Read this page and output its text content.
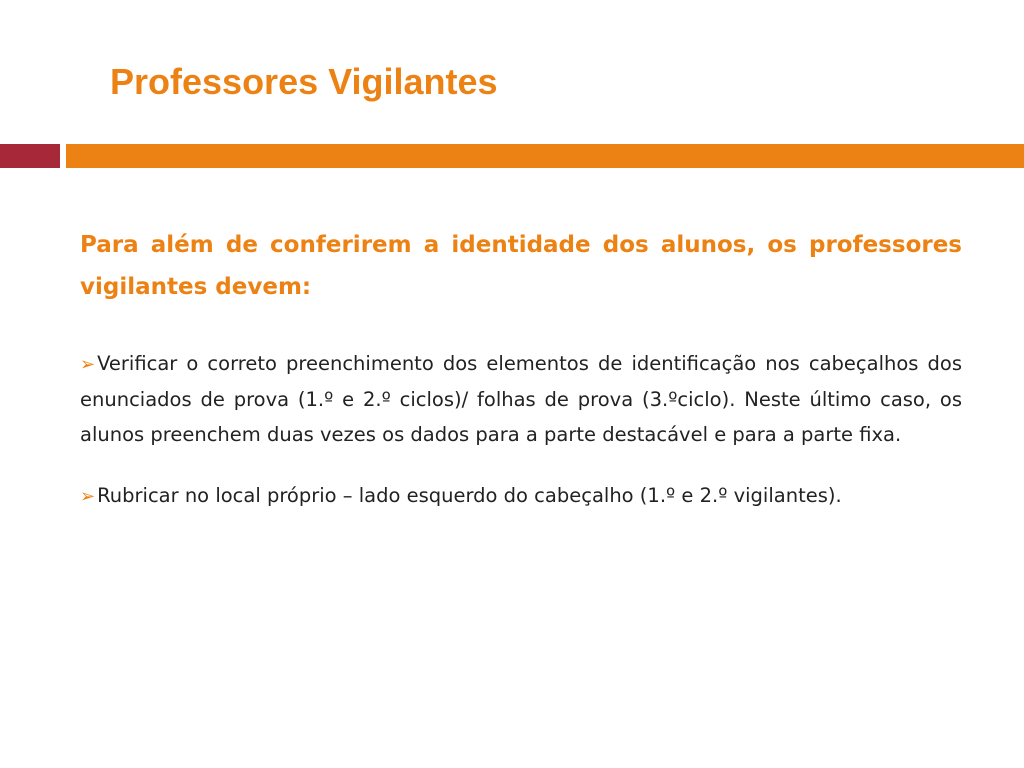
Professores Vigilantes

Para além de conferirem a identidade dos alunos, os professores vigilantes devem:

➢ Verificar o correto preenchimento dos elementos de identificação nos cabeçalhos dos enunciados de prova (1.º e 2.º ciclos)/ folhas de prova (3.ºciclo). Neste último caso, os alunos preenchem duas vezes os dados para a parte destacável e para a parte fixa.

➢ Rubricar no local próprio – lado esquerdo do cabeçalho (1.º e 2.º vigilantes).
